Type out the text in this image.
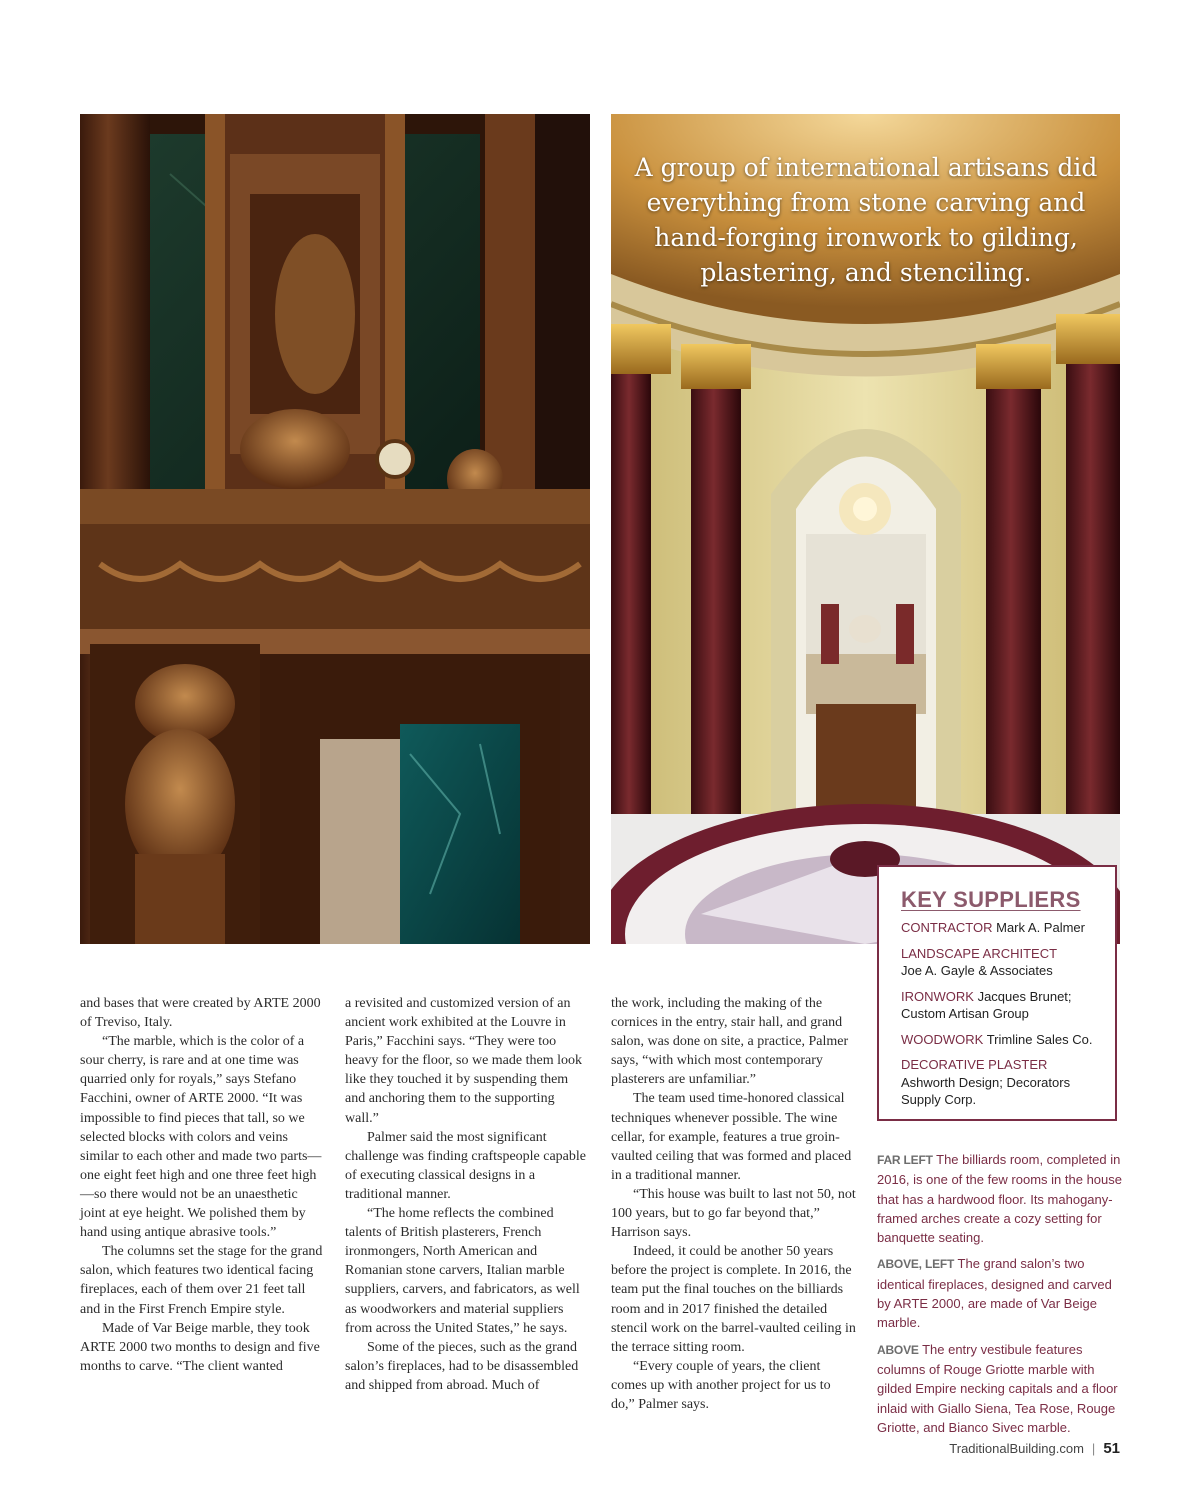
A group of international artisans did everything from stone carving and hand-forging ironwork to gilding, plastering, and stenciling.

and bases that were created by ARTE 2000 of Treviso, Italy.

“The marble, which is the color of a sour cherry, is rare and at one time was quarried only for royals,” says Stefano Facchini, owner of ARTE 2000. “It was impossible to find pieces that tall, so we selected blocks with colors and veins similar to each other and made two parts—one eight feet high and one three feet high—so there would not be an unaesthetic joint at eye height. We polished them by hand using antique abrasive tools.”

The columns set the stage for the grand salon, which features two identical facing fireplaces, each of them over 21 feet tall and in the First French Empire style.

Made of Var Beige marble, they took ARTE 2000 two months to design and five months to carve. “The client wanted

a revisited and customized version of an ancient work exhibited at the Louvre in Paris,” Facchini says. “They were too heavy for the floor, so we made them look like they touched it by suspending them and anchoring them to the supporting wall.”

Palmer said the most significant challenge was finding craftspeople capable of executing classical designs in a traditional manner.

“The home reflects the combined talents of British plasterers, French ironmongers, North American and Romanian stone carvers, Italian marble suppliers, carvers, and fabricators, as well as woodworkers and material suppliers from across the United States,” he says.

Some of the pieces, such as the grand salon’s fireplaces, had to be disassembled and shipped from abroad. Much of

the work, including the making of the cornices in the entry, stair hall, and grand salon, was done on site, a practice, Palmer says, “with which most contemporary plasterers are unfamiliar.”

The team used time-honored classical techniques whenever possible. The wine cellar, for example, features a true groin-vaulted ceiling that was formed and placed in a traditional manner.

“This house was built to last not 50, not 100 years, but to go far beyond that,” Harrison says.

Indeed, it could be another 50 years before the project is complete. In 2016, the team put the final touches on the billiards room and in 2017 finished the detailed stencil work on the barrel-vaulted ceiling in the terrace sitting room.

“Every couple of years, the client comes up with another project for us to do,” Palmer says.

KEY SUPPLIERS
CONTRACTOR Mark A. Palmer
LANDSCAPE ARCHITECT
Joe A. Gayle & Associates
IRONWORK Jacques Brunet; Custom Artisan Group
WOODWORK Trimline Sales Co.
DECORATIVE PLASTER
Ashworth Design; Decorators Supply Corp.

FAR LEFT The billiards room, completed in 2016, is one of the few rooms in the house that has a hardwood floor. Its mahogany-framed arches create a cozy setting for banquette seating.

ABOVE, LEFT The grand salon’s two identical fireplaces, designed and carved by ARTE 2000, are made of Var Beige marble.

ABOVE The entry vestibule features columns of Rouge Griotte marble with gilded Empire necking capitals and a floor inlaid with Giallo Siena, Tea Rose, Rouge Griotte, and Bianco Sivec marble.

TraditionalBuilding.com | 51
